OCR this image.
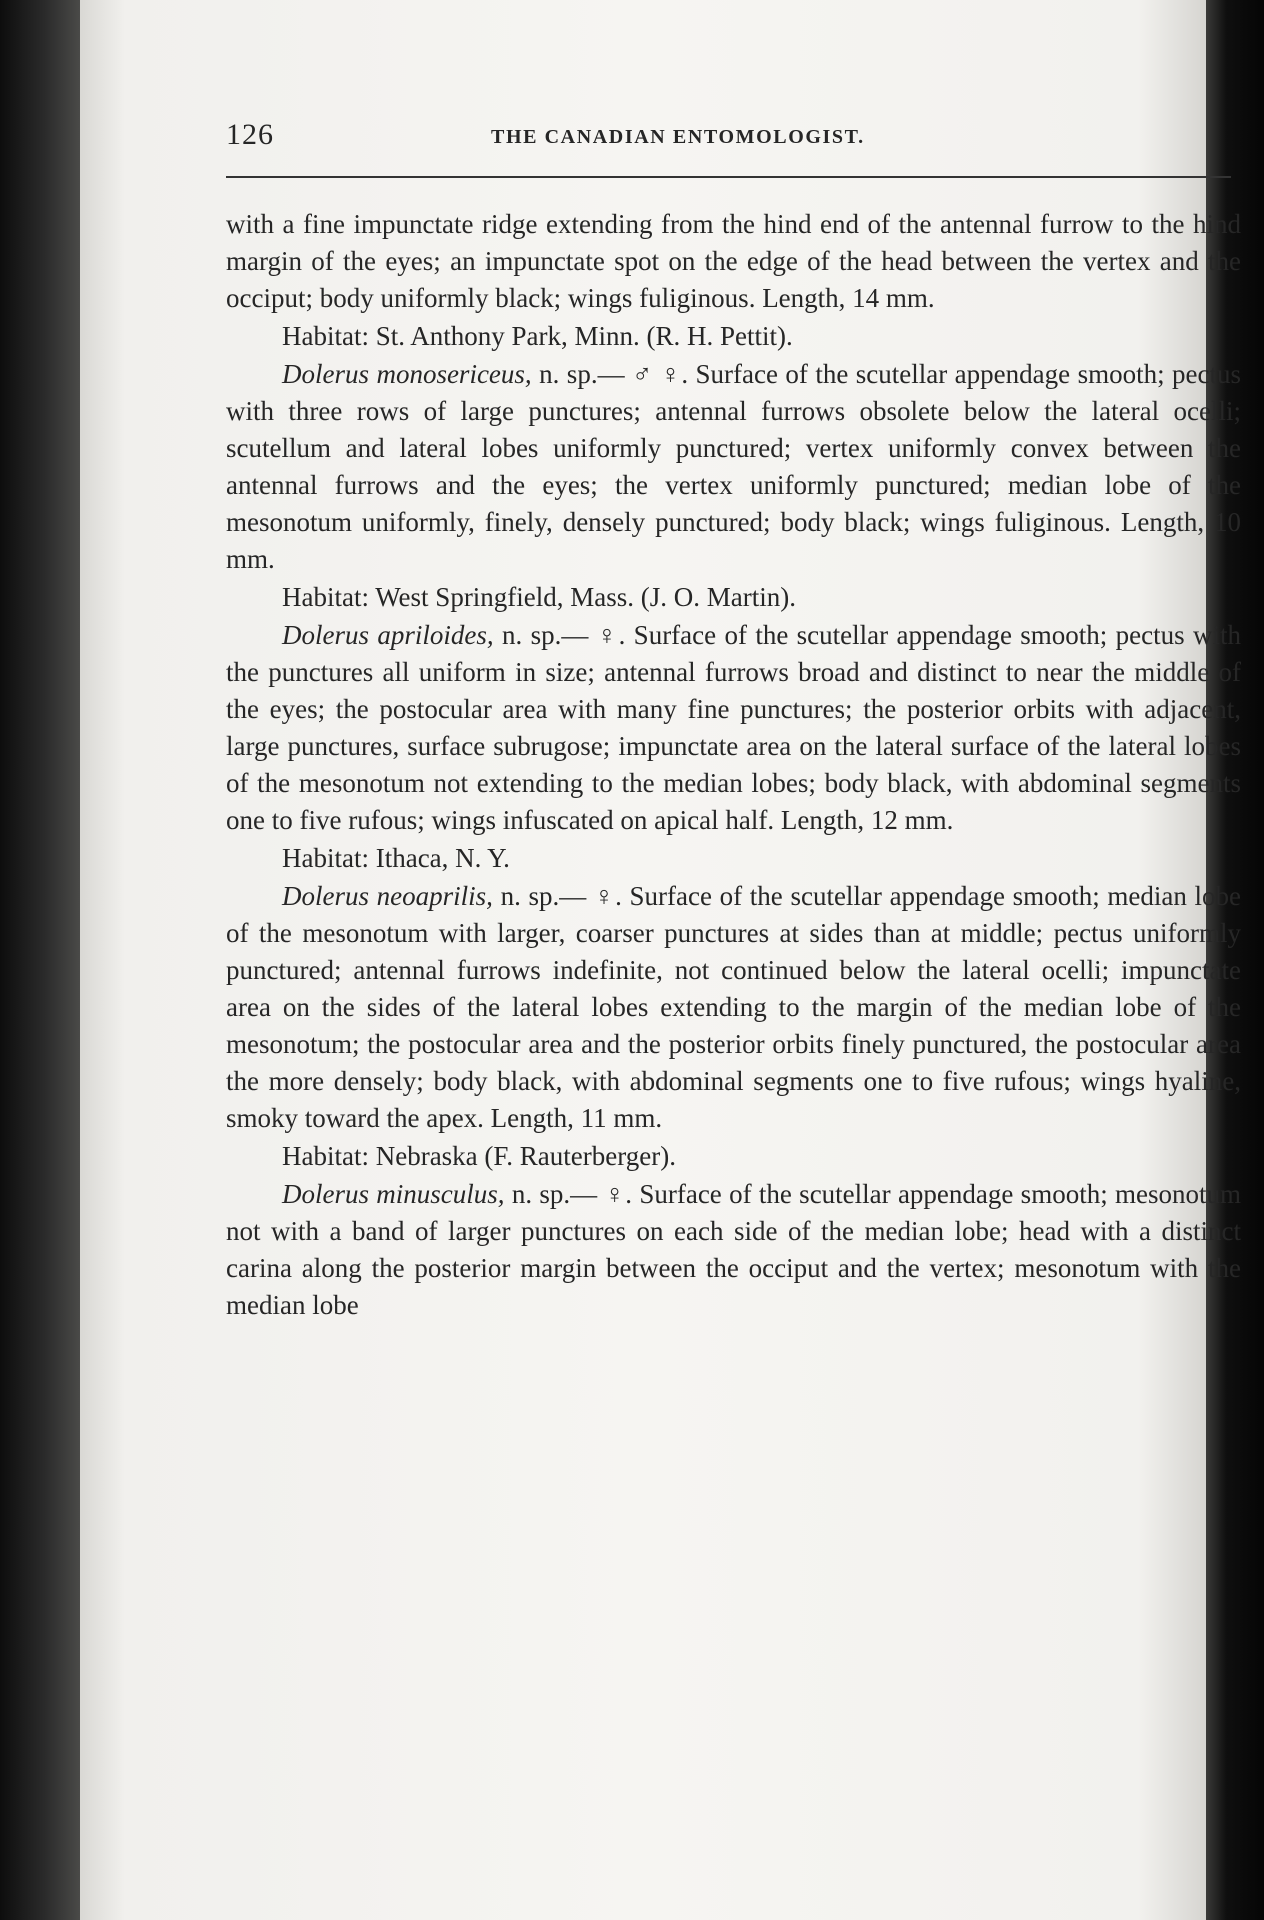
126	THE CANADIAN ENTOMOLOGIST.

with a fine impunctate ridge extending from the hind end of the antennal furrow to the hind margin of the eyes; an impunctate spot on the edge of the head between the vertex and the occiput; body uniformly black; wings fuliginous. Length, 14 mm.

Habitat: St. Anthony Park, Minn. (R. H. Pettit).

Dolerus monosericeus, n. sp.— ♂ ♀. Surface of the scutellar appendage smooth; pectus with three rows of large punctures; antennal furrows obsolete below the lateral ocelli; scutellum and lateral lobes uniformly punctured; vertex uniformly convex between the antennal furrows and the eyes; the vertex uniformly punctured; median lobe of the mesonotum uniformly, finely, densely punctured; body black; wings fuliginous. Length, 10 mm.

Habitat: West Springfield, Mass. (J. O. Martin).

Dolerus apriloides, n. sp.— ♀. Surface of the scutellar appendage smooth; pectus with the punctures all uniform in size; antennal furrows broad and distinct to near the middle of the eyes; the postocular area with many fine punctures; the posterior orbits with adjacent, large punctures, surface subrugose; impunctate area on the lateral surface of the lateral lobes of the mesonotum not extending to the median lobes; body black, with abdominal segments one to five rufous; wings infuscated on apical half. Length, 12 mm.

Habitat: Ithaca, N. Y.

Dolerus neoaprilis, n. sp.— ♀. Surface of the scutellar appendage smooth; median lobe of the mesonotum with larger, coarser punctures at sides than at middle; pectus uniformly punctured; antennal furrows indefinite, not continued below the lateral ocelli; impunctate area on the sides of the lateral lobes extending to the margin of the median lobe of the mesonotum; the postocular area and the posterior orbits finely punctured, the postocular area the more densely; body black, with abdominal segments one to five rufous; wings hyaline, smoky toward the apex. Length, 11 mm.

Habitat: Nebraska (F. Rauterberger).

Dolerus minusculus, n. sp.— ♀. Surface of the scutellar appendage smooth; mesonotum not with a band of larger punctures on each side of the median lobe; head with a distinct carina along the posterior margin between the occiput and the vertex; mesonotum with the median lobe
